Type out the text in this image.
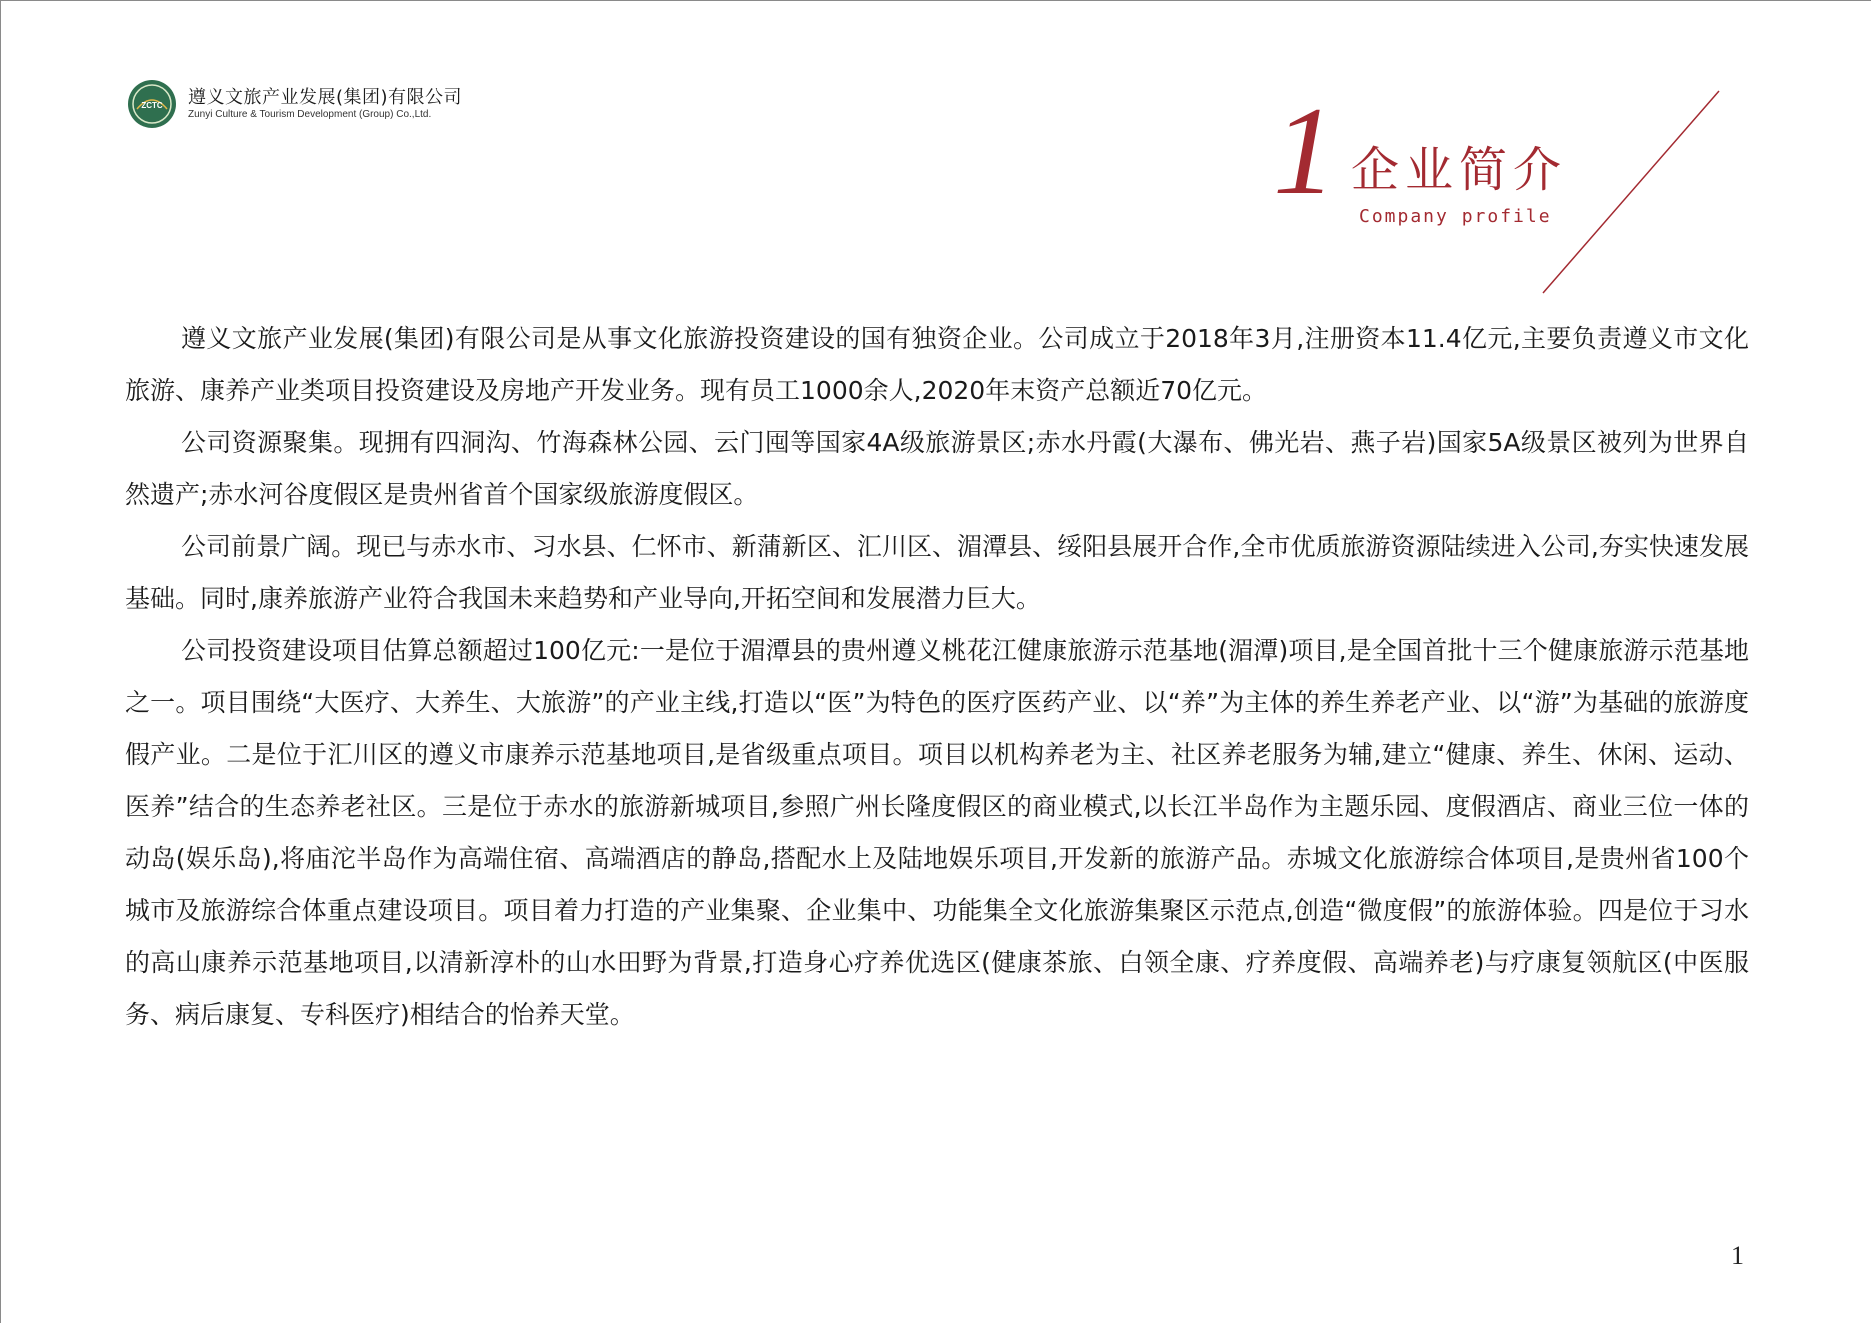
ZCTC 遵义文旅产业发展(集团)有限公司
Zunyi Culture & Tourism Development (Group) Co.,Ltd.	1 企业简介
Company profile

遵义文旅产业发展(集团)有限公司是从事文化旅游投资建设的国有独资企业。公司成立于2018年3月,注册资本11.4亿元,主要负责遵义市文化旅游、康养产业类项目投资建设及房地产开发业务。现有员工1000余人,2020年末资产总额近70亿元。

公司资源聚集。现拥有四洞沟、竹海森林公园、云门囤等国家4A级旅游景区;赤水丹霞(大瀑布、佛光岩、燕子岩)国家5A级景区被列为世界自然遗产;赤水河谷度假区是贵州省首个国家级旅游度假区。

公司前景广阔。现已与赤水市、习水县、仁怀市、新蒲新区、汇川区、湄潭县、绥阳县展开合作,全市优质旅游资源陆续进入公司,夯实快速发展基础。同时,康养旅游产业符合我国未来趋势和产业导向,开拓空间和发展潜力巨大。

公司投资建设项目估算总额超过100亿元:一是位于湄潭县的贵州遵义桃花江健康旅游示范基地(湄潭)项目,是全国首批十三个健康旅游示范基地之一。项目围绕“大医疗、大养生、大旅游”的产业主线,打造以“医”为特色的医疗医药产业、以“养”为主体的养生养老产业、以“游”为基础的旅游度假产业。二是位于汇川区的遵义市康养示范基地项目,是省级重点项目。项目以机构养老为主、社区养老服务为辅,建立“健康、养生、休闲、运动、医养”结合的生态养老社区。三是位于赤水的旅游新城项目,参照广州长隆度假区的商业模式,以长江半岛作为主题乐园、度假酒店、商业三位一体的动岛(娱乐岛),将庙沱半岛作为高端住宿、高端酒店的静岛,搭配水上及陆地娱乐项目,开发新的旅游产品。赤城文化旅游综合体项目,是贵州省100个城市及旅游综合体重点建设项目。项目着力打造的产业集聚、企业集中、功能集全文化旅游集聚区示范点,创造“微度假”的旅游体验。四是位于习水的高山康养示范基地项目,以清新淳朴的山水田野为背景,打造身心疗养优选区(健康茶旅、白领全康、疗养度假、高端养老)与疗康复领航区(中医服务、病后康复、专科医疗)相结合的怡养天堂。

1
